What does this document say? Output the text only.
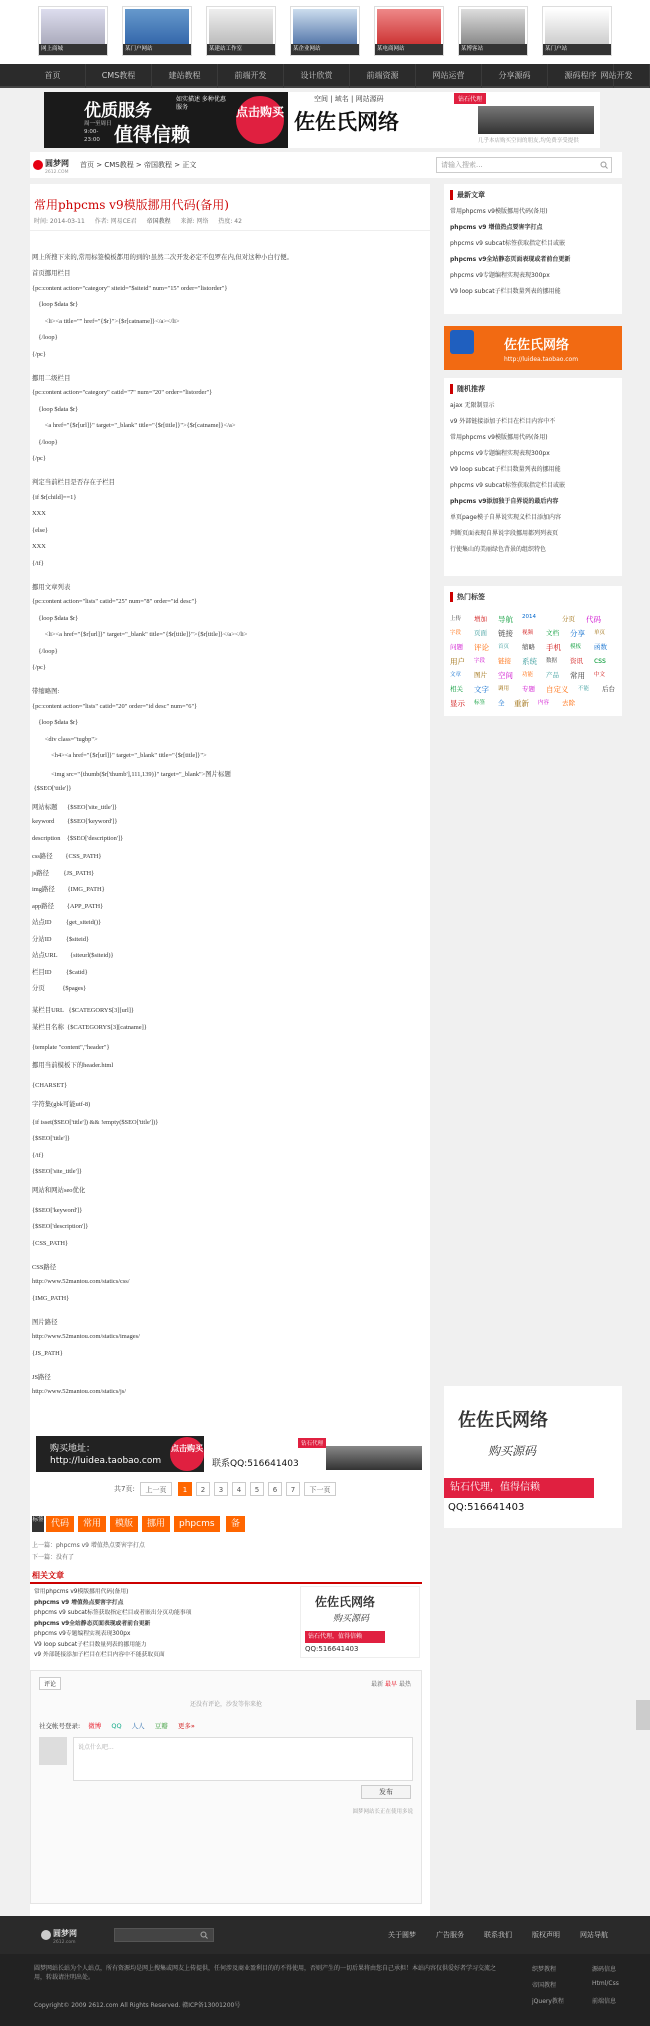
网上商城	某门户网站	某建站工作室	某企业网站	某电商网站	某博客站	某门户站
首页	CMS教程	建站教程	前端开发	设计欣赏	前端资源	网站运营	分享源码	源码程序 网站开发
优质服务
如实描述 多种优惠服务
值得信赖
周一至周日 9:00-23:00
点击购买
空间 | 域名 | 网站源码	钻石代理
佐佐氏网络
几乎本店购买空间的朋友,均免费享受提供
圆梦网
2612.COM
首页 > CMS教程 > 帝国教程 > 正文	请输入搜索...
常用phpcms v9模版挪用代码(备用)
时间: 2014-03-11 作者: 网易CE君 帝国教程 来源: 网络 热度: 42
网上所搜下来的,常用标签模板都用的到的!虽然二次开发必定不包罗在内,但对这种小白行便。
首页挪用栏目
{pc:content action="category" siteid="$siteid" num="15" order="listorder"}
{loop $data $r}
<li><a title="" href="{$r}">{$r[catname]}</a></li>
{/loop}
{/pc}
挪用二级栏目
{pc:content action="category" catid="7" num="20" order="listorder"}
{loop $data $r}
<a href="{$r[url]}" target="_blank" title="{$r[title]}">{$r[catname]}</a>
{/loop}
{/pc}
判定当前栏目是否存在子栏目
{if $r[child]==1}
XXX
{else}
XXX
{/if}
挪用文章列表
{pc:content action="lists" catid="25" num="8" order="id desc"}
{loop $data $r}
<li><a href="{$r[url]}" target="_blank" title="{$r[title]}">{$r[title]}</a></li>
{/loop}
{/pc}
带缩略图:
{pc:content action="lists" catid="20" order="id desc" num="6"}
{loop $data $r}
<div class="tugbp">
<h4><a href="{$r[url]}" target="_blank" title="{$r[title]}">
<img src="{thumb($r['thumb'],111,139)}" target="_blank">图片标题
{$SEO['title']}
网站标题      {$SEO['site_title']}
keyword        {$SEO['keyword']}
description    {$SEO['description']}
css路径        {CSS_PATH}
js路径         {JS_PATH}
img路径        {IMG_PATH}
app路径        {APP_PATH}
站点ID         {get_siteid()}
分站ID         {$siteid}
站点URL        {siteurl($siteid)}
栏目ID         {$catid}
分页           {$pages}
某栏目URL   {$CATEGORYS[3][url]}
某栏目名称  {$CATEGORYS[3][catname]}
{template "content","header"}
挪用当前模板下的header.html
{CHARSET}
字符集(gbk可能utf-8)
{if isset($SEO['title']) && !empty($SEO['title'])}
{$SEO['title']}
{/if}
{$SEO['site_title']}
网站和网站seo优化
{$SEO['keyword']}
{$SEO['description']}
{CSS_PATH}
CSS路径
http://www.52mantou.com/statics/css/
{IMG_PATH}
图片路径
http://www.52mantou.com/statics/images/
{JS_PATH}
JS路径
http://www.52mantou.com/statics/js/
购买地址：
http://luidea.taobao.com
点击购买
联系QQ:516641403
钻石代理
共7页:	上一页	1	2	3	4	5	6	7	下一页
标签 代码	常用	模版	挪用	phpcms	备
上一篇：phpcms v9 增值热点要害字打点
下一篇：没有了
相关文章
常用phpcms v9模版挪用代码(备用)
phpcms v9 增值热点要害字打点
phpcms v9 subcat标签获取指定栏目或者嵌出分页功能事项
phpcms v9全站静态页面表现或者前台更新
phpcms v9专题编程实现表现300px
V9 loop subcat子栏目数量列表的挪用能力
v9 外部链接添加子栏目在栏目内容中不能获取页面
佐佐氏网络
购买源码
钻石代理，值得信赖
QQ:516641403
评论	最新 最早 最热
还没有评论，沙发等你来抢
社交帐号登录: 微博 QQ 人人 豆瓣 更多»
说点什么吧...
发布
圆梦网站长正在使用多说
最新文章
常用phpcms v9模版挪用代码(备用)
phpcms v9 增值热点要害字打点
phpcms v9 subcat标签获取指定栏目或嵌
phpcms v9全站静态页面表现或者前台更新
phpcms v9专题编程实现表现300px
V9 loop subcat子栏目数量列表的挪用能
佐佐氏网络
http://luidea.taobao.com
随机推荐
ajax 无限制显示
v9 外部链接添加子栏目在栏目内容中不
常用phpcms v9模版挪用代码(备用)
phpcms v9专题编程实现表现300px
V9 loop subcat子栏目数量列表的挪用能
phpcms v9 subcat标签获取指定栏目或嵌
phpcms v9添加独于自界说的最后内容
单页page模子自界说实现义栏目添加内容
判断页面表现自界说字段挪用都列列表页
行使集山的美丽绿色背景的组织特色
热门标签
上传 增加 导航 2014	分页 代码
字段 页面 链接 视频 文档 分享 单页
问题 评论 首页 缩略 手机 模板 函数
用户 字段 链接 系统 数据 资讯 css
文章 图片 空间 功能 产品 常用 中文
相关 文字 调用 专题 自定义 不能 后台
显示 标签 全 重新 内容 去除
佐佐氏网络
购买源码
钻石代理，值得信赖
QQ:516641403
圆梦网
2612.com
关于圆梦	广告服务	联系我们	版权声明	网站导航
圆梦网站长站为个人站点，所有资源均是网上搜集或网友上传提供，任何涉及商业盈利目的的不得使用，否则产生的一切后果将由您自己承担！本站内容仅供爱好者学习交流之用，转载请注明出处。
Copyright© 2009 2612.com All Rights Reserved. 赣ICP备13001200号
织梦教程	源码信息
帝国教程	Html/Css
jQuery教程	前端信息
